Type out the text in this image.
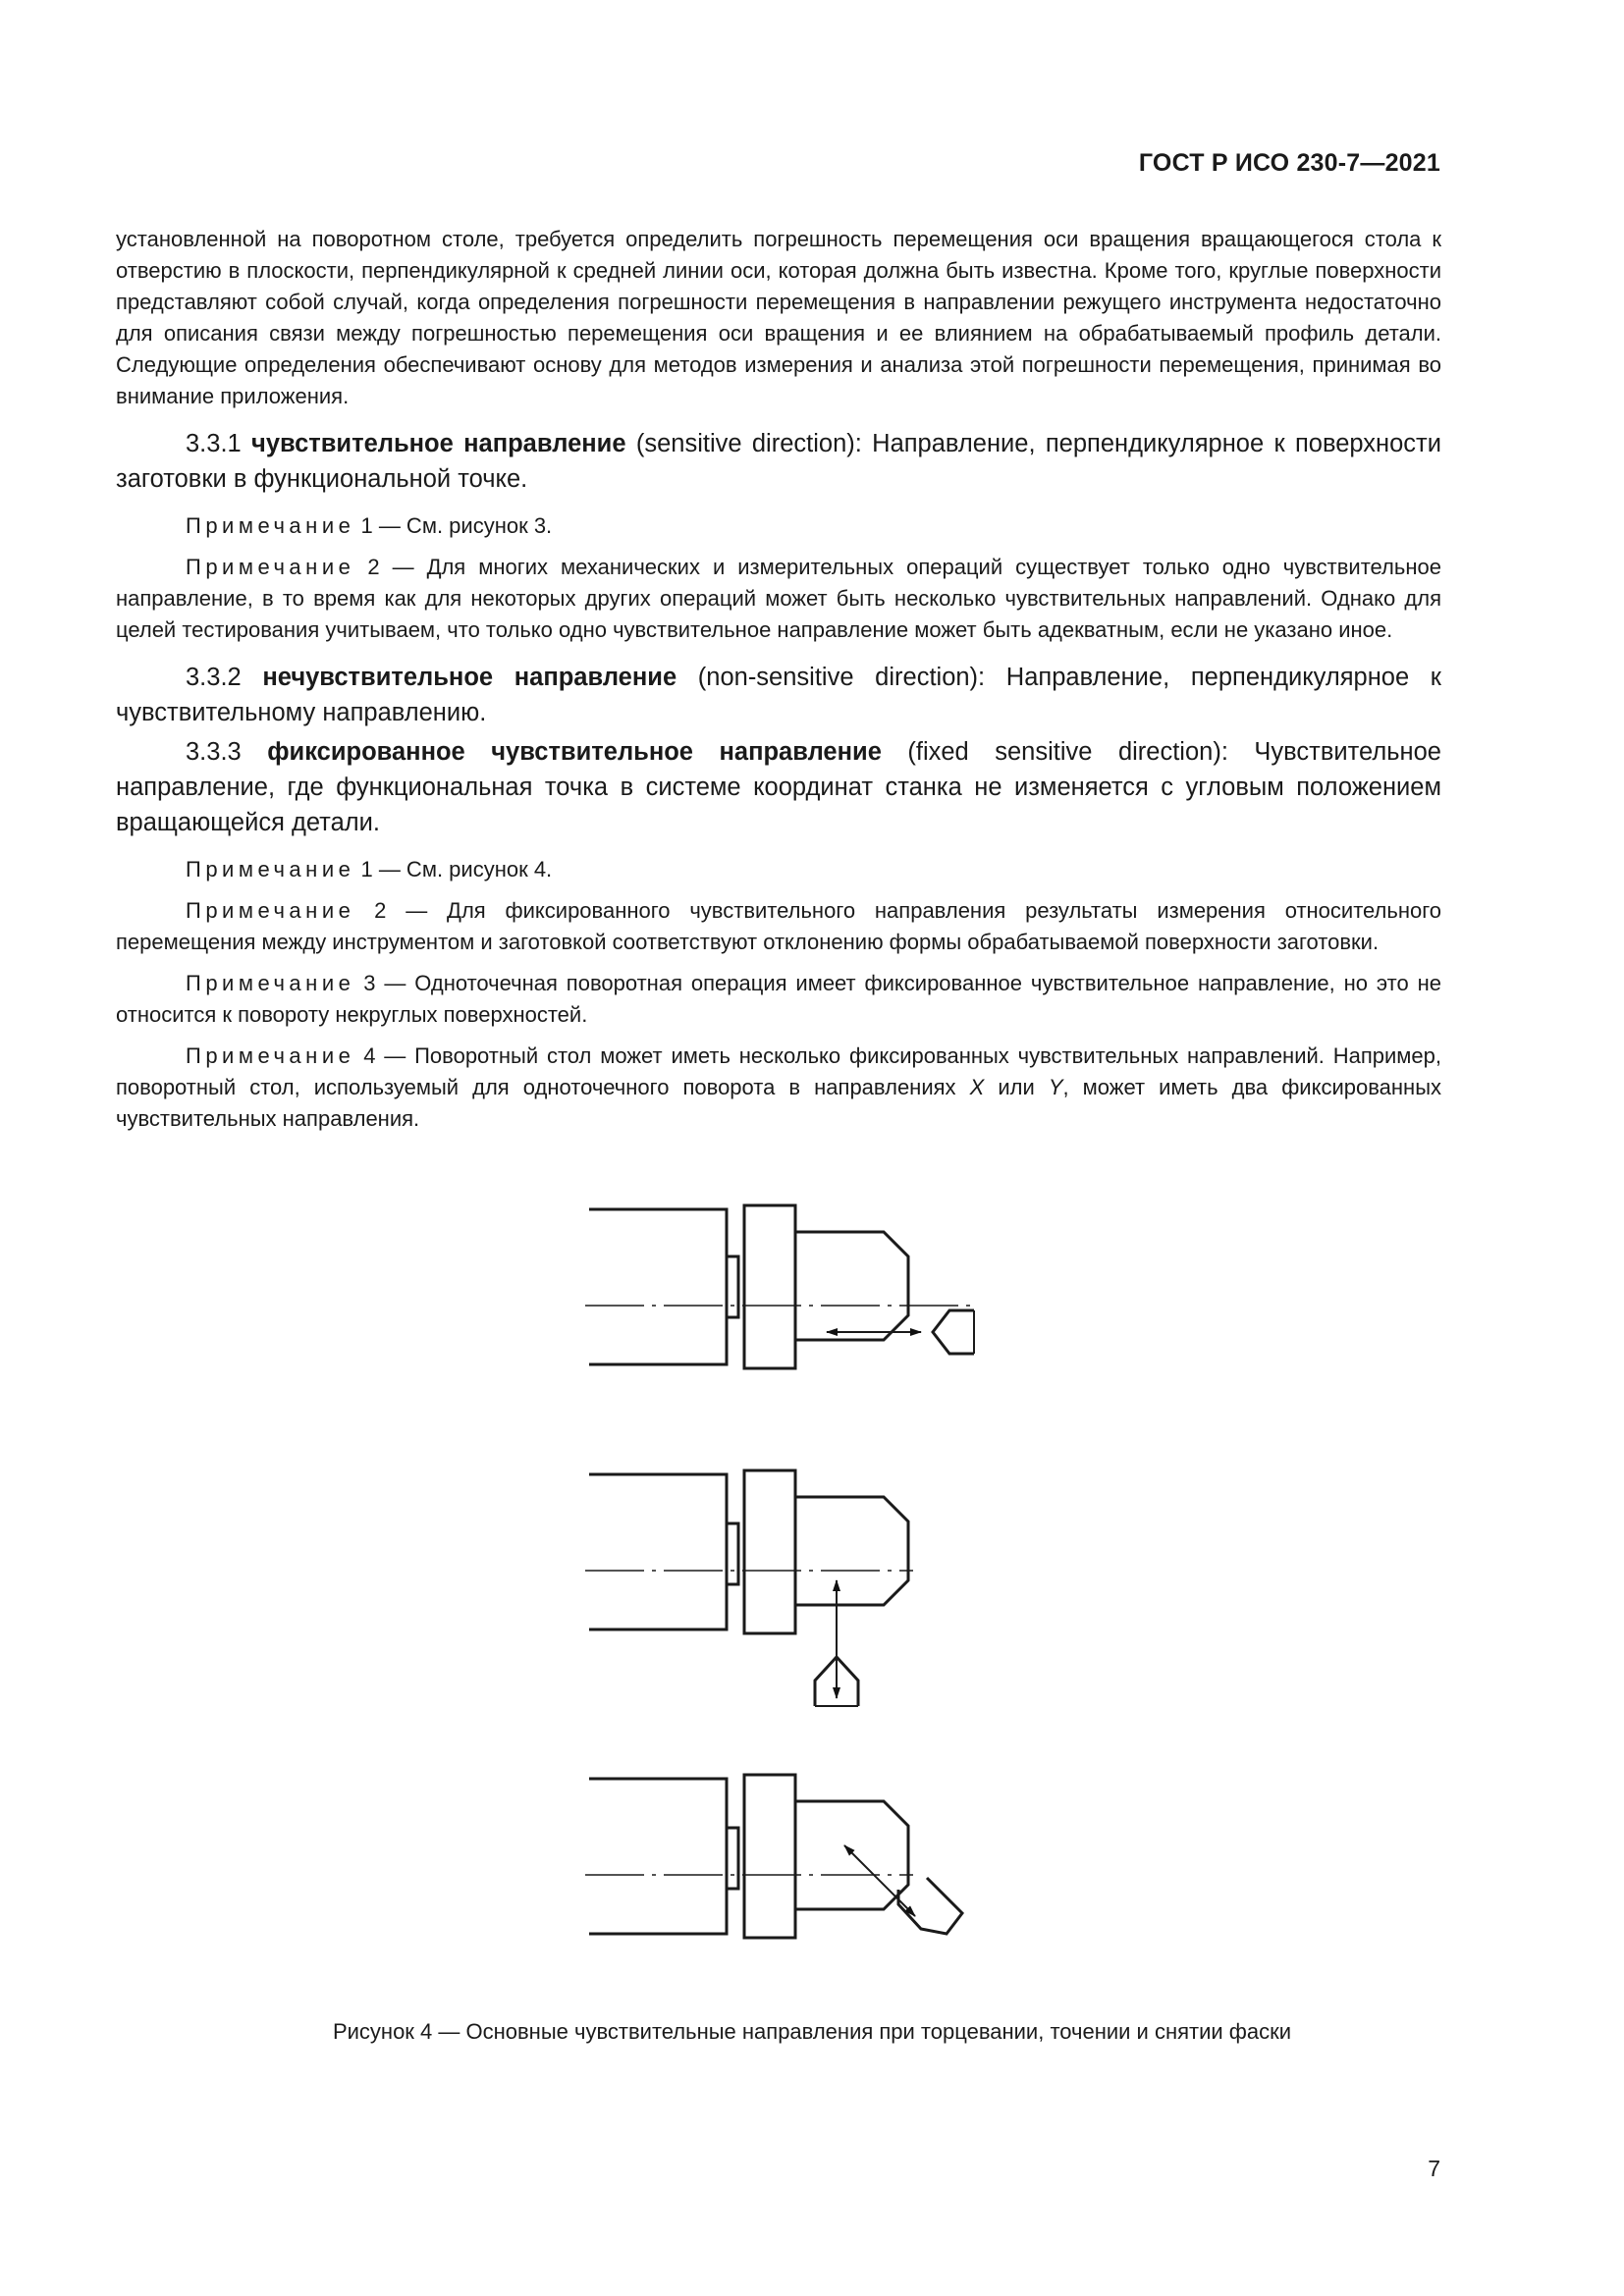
ГОСТ Р ИСО 230-7—2021

установленной на поворотном столе, требуется определить погрешность перемещения оси вращения вращающегося стола к отверстию в плоскости, перпендикулярной к средней линии оси, которая должна быть известна. Кроме того, круглые поверхности представляют собой случай, когда определения погрешности перемещения в направлении режущего инструмента недостаточно для описания связи между погрешностью перемещения оси вращения и ее влиянием на обрабатываемый профиль детали. Следующие определения обеспечивают основу для методов измерения и анализа этой погрешности перемещения, принимая во внимание приложения.

3.3.1 чувствительное направление (sensitive direction): Направление, перпендикулярное к поверхности заготовки в функциональной точке.

Примечание 1 — См. рисунок 3.

Примечание 2 — Для многих механических и измерительных операций существует только одно чувствительное направление, в то время как для некоторых других операций может быть несколько чувствительных направлений. Однако для целей тестирования учитываем, что только одно чувствительное направление может быть адекватным, если не указано иное.

3.3.2 нечувствительное направление (non-sensitive direction): Направление, перпендикулярное к чувствительному направлению.

3.3.3 фиксированное чувствительное направление (fixed sensitive direction): Чувствительное направление, где функциональная точка в системе координат станка не изменяется с угловым положением вращающейся детали.

Примечание 1 — См. рисунок 4.

Примечание 2 — Для фиксированного чувствительного направления результаты измерения относительного перемещения между инструментом и заготовкой соответствуют отклонению формы обрабатываемой поверхности заготовки.

Примечание 3 — Одноточечная поворотная операция имеет фиксированное чувствительное направление, но это не относится к повороту некруглых поверхностей.

Примечание 4 — Поворотный стол может иметь несколько фиксированных чувствительных направлений. Например, поворотный стол, используемый для одноточечного поворота в направлениях X или Y, может иметь два фиксированных чувствительных направления.

Рисунок 4 — Основные чувствительные направления при торцевании, точении и снятии фаски
7
